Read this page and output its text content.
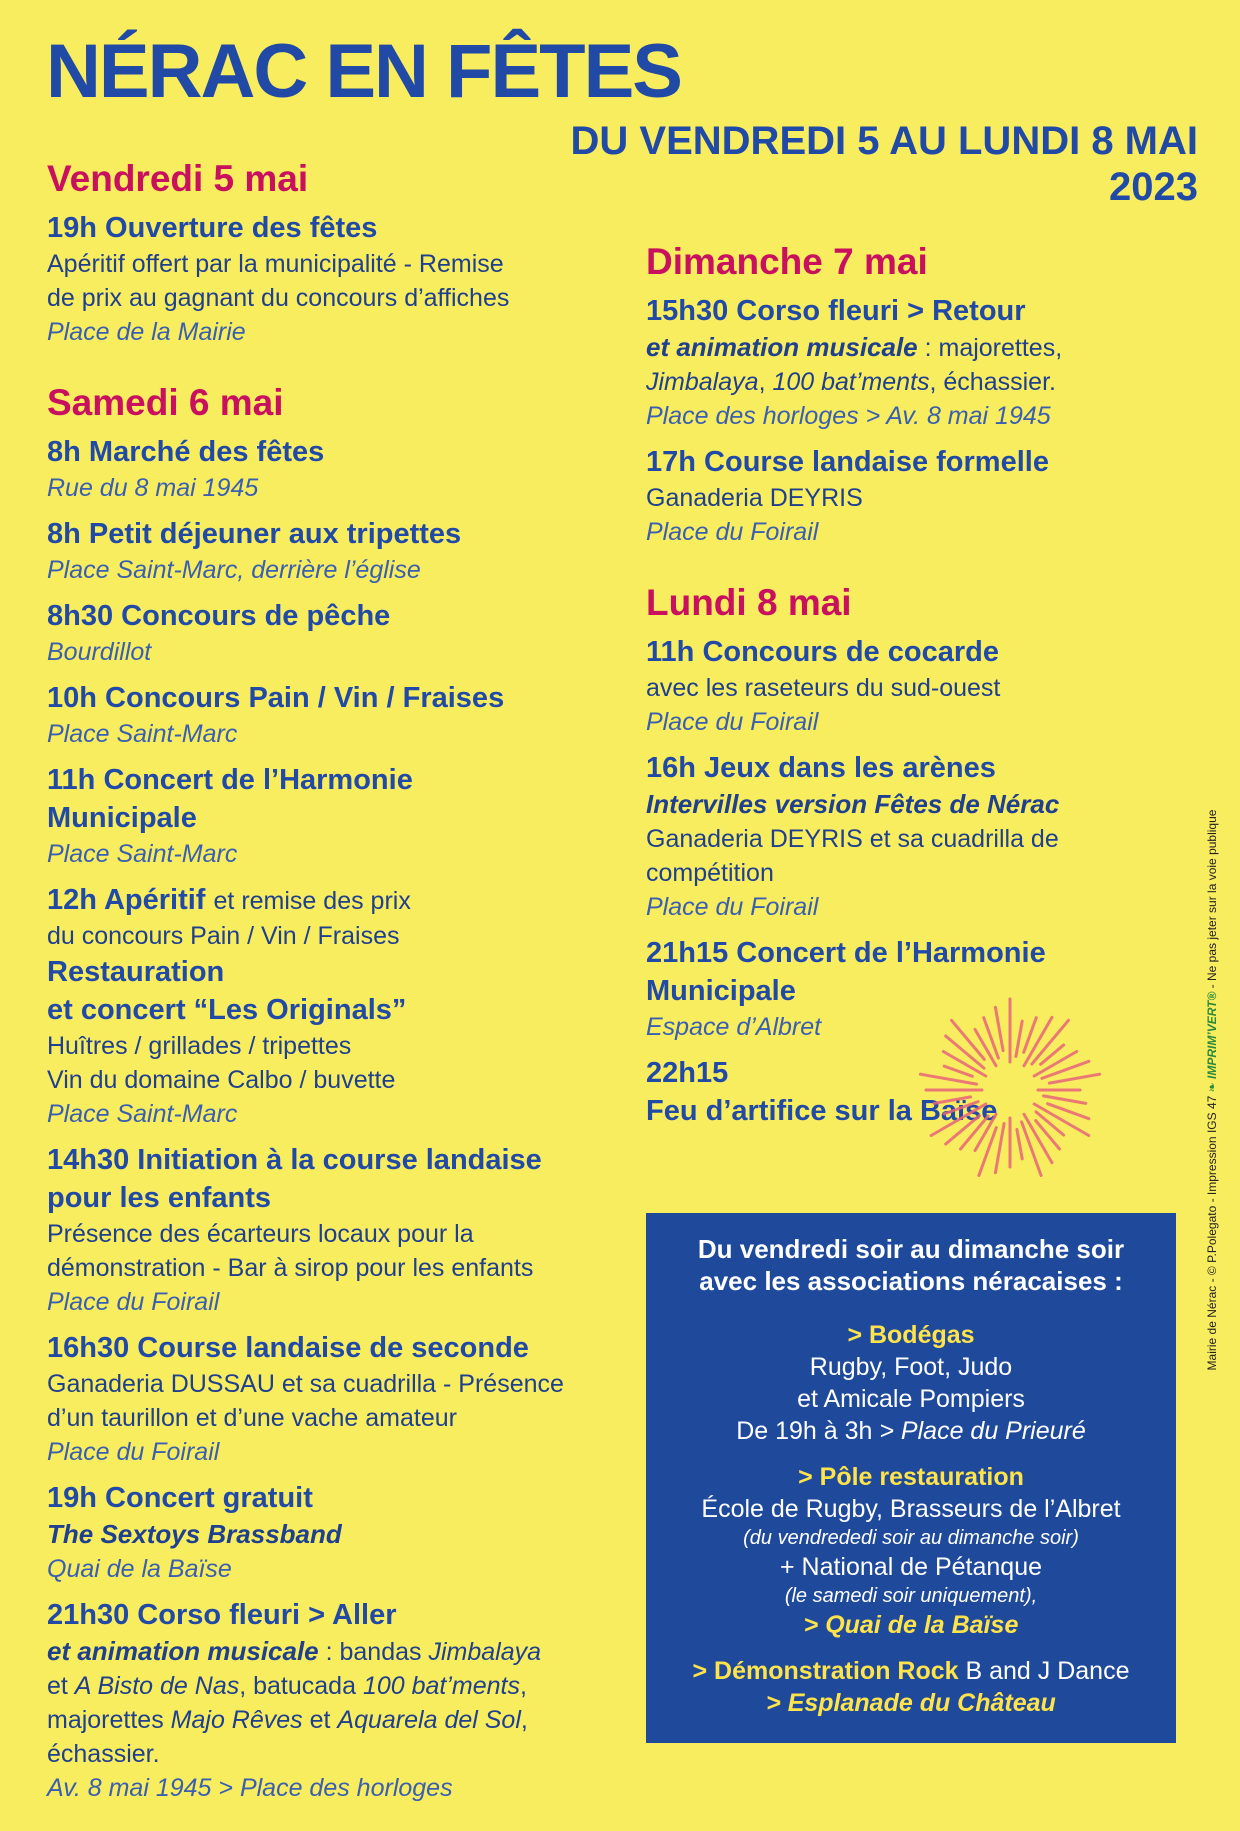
NÉRAC EN FÊTES
DU VENDREDI 5 AU LUNDI 8 MAI
2023
Vendredi 5 mai
19h Ouverture des fêtes
Apéritif offert par la municipalité - Remise
de prix au gagnant du concours d’affiches
Place de la Mairie
Samedi 6 mai
8h Marché des fêtes
Rue du 8 mai 1945
8h Petit déjeuner aux tripettes
Place Saint-Marc, derrière l’église
8h30 Concours de pêche
Bourdillot
10h Concours Pain / Vin / Fraises
Place Saint-Marc
11h Concert de l’Harmonie
Municipale
Place Saint-Marc
12h Apéritif et remise des prix
du concours Pain / Vin / Fraises
Restauration
et concert “Les Originals”
Huîtres / grillades / tripettes
Vin du domaine Calbo / buvette
Place Saint-Marc
14h30 Initiation à la course landaise
pour les enfants
Présence des écarteurs locaux pour la
démonstration - Bar à sirop pour les enfants
Place du Foirail
16h30 Course landaise de seconde
Ganaderia DUSSAU et sa cuadrilla - Présence
d’un taurillon et d’une vache amateur
Place du Foirail
19h Concert gratuit
The Sextoys Brassband
Quai de la Baïse
21h30 Corso fleuri > Aller
et animation musicale : bandas Jimbalaya
et A Bisto de Nas, batucada 100 bat’ments,
majorettes Majo Rêves et Aquarela del Sol,
échassier.
Av. 8 mai 1945 > Place des horloges
Dimanche 7 mai
15h30 Corso fleuri > Retour
et animation musicale : majorettes,
Jimbalaya, 100 bat’ments, échassier.
Place des horloges > Av. 8 mai 1945
17h Course landaise formelle
Ganaderia DEYRIS
Place du Foirail
Lundi 8 mai
11h Concours de cocarde
avec les raseteurs du sud-ouest
Place du Foirail
16h Jeux dans les arènes
Intervilles version Fêtes de Nérac
Ganaderia DEYRIS et sa cuadrilla de
compétition
Place du Foirail
21h15 Concert de l’Harmonie
Municipale
Espace d’Albret
22h15
Feu d’artifice sur la Baïse
Du vendredi soir au dimanche soir
avec les associations néracaises :
> Bodégas
Rugby, Foot, Judo
et Amicale Pompiers
De 19h à 3h > Place du Prieuré
> Pôle restauration
École de Rugby, Brasseurs de l’Albret
(du vendrededi soir au dimanche soir)
+ National de Pétanque
(le samedi soir uniquement),
> Quai de la Baïse
> Démonstration Rock B and J Dance
> Esplanade du Château
Mairie de Nérac - © P.Polegato - Impression IGS 47 ❧ IMPRIM’VERT® - Ne pas jeter sur la voie publique
